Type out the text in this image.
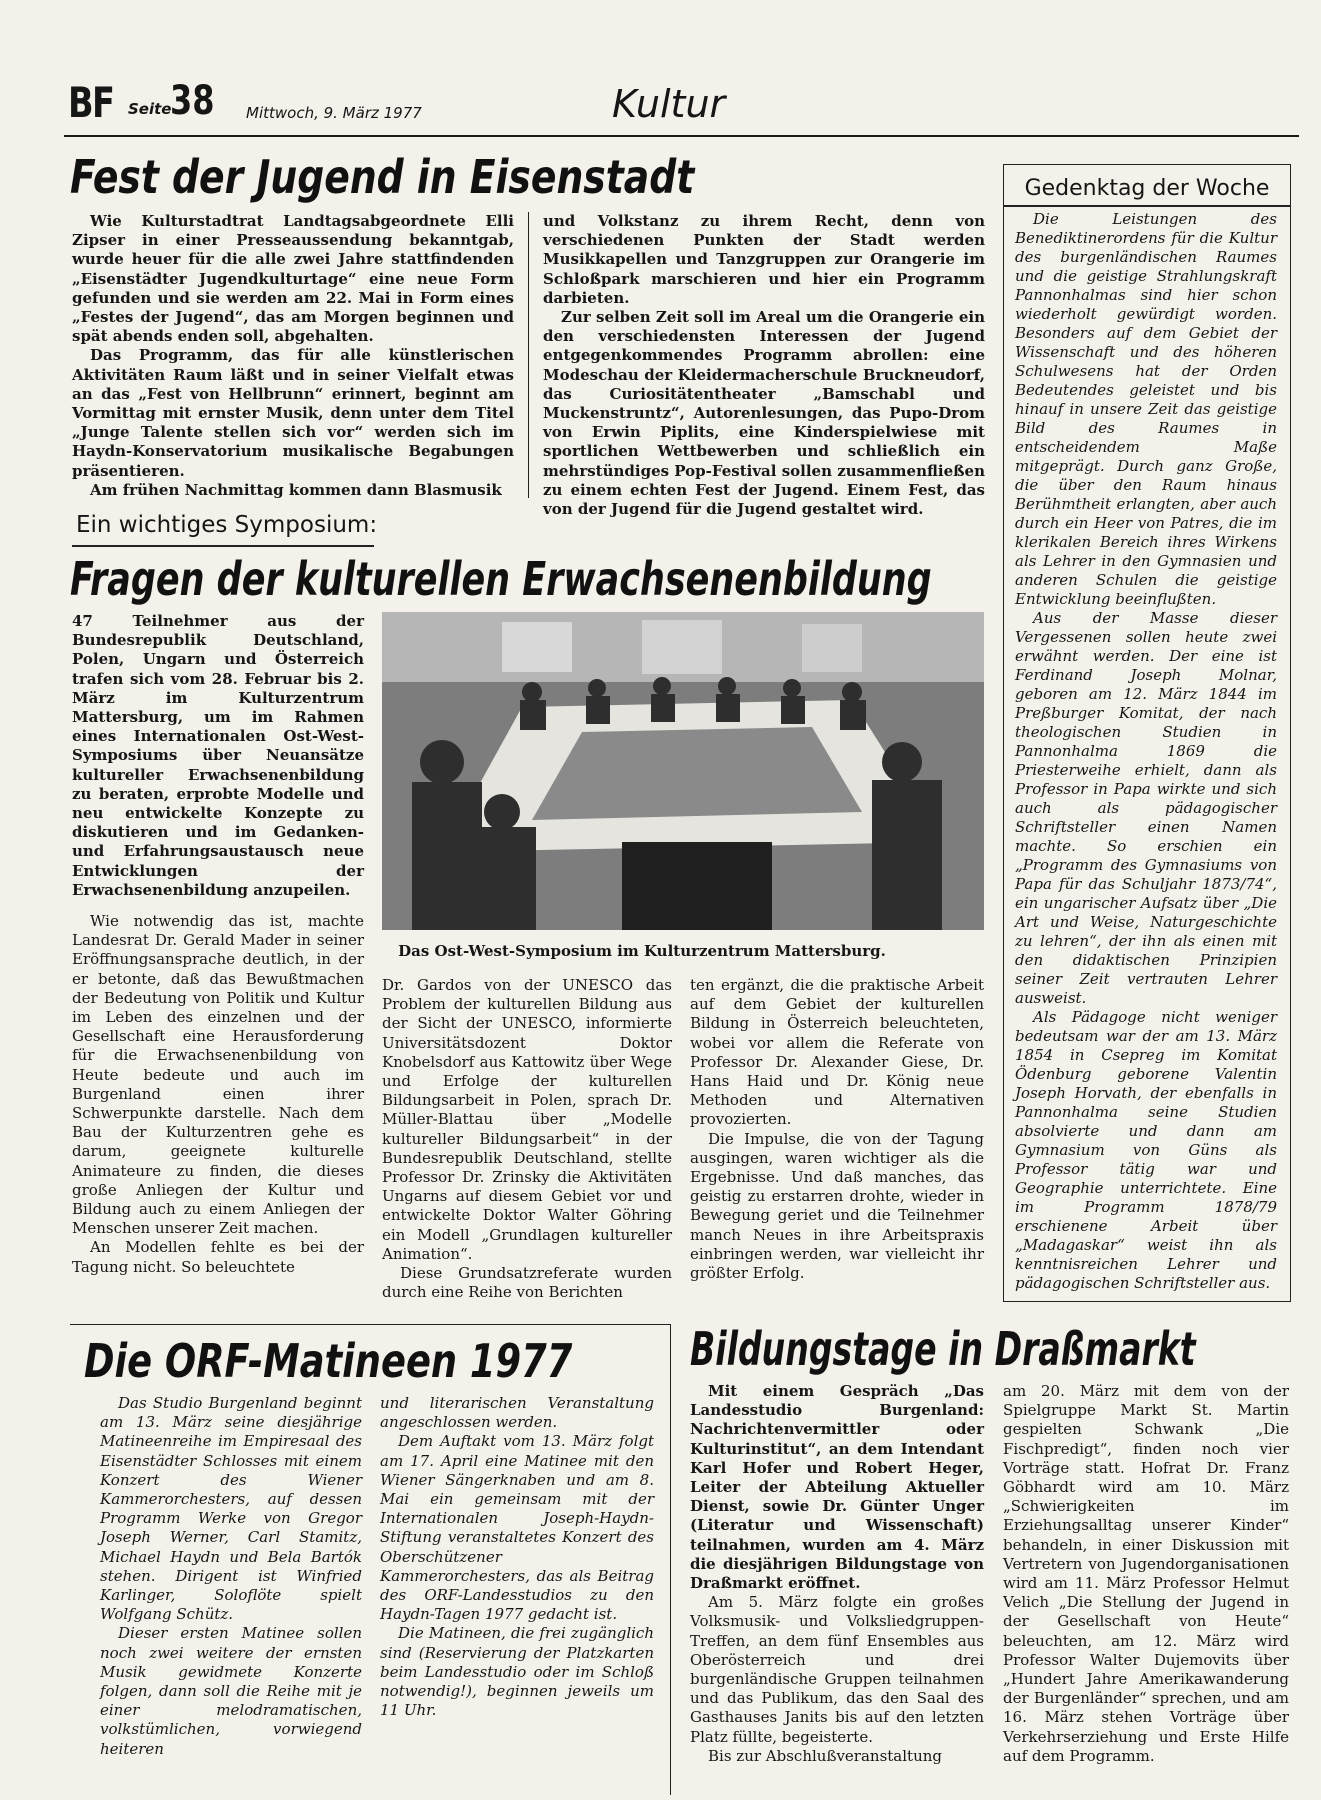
BF Seite
38 Mittwoch, 9. März 1977	Kultur
Fest der Jugend in Eisenstadt

Wie Kulturstadtrat Landtagsabgeordnete Elli Zipser in einer Presseaussendung bekanntgab, wurde heuer für die alle zwei Jahre stattfindenden „Eisenstädter Jugendkulturtage“ eine neue Form gefunden und sie werden am 22. Mai in Form eines „Festes der Jugend“, das am Morgen beginnen und spät abends enden soll, abgehalten.

Das Programm, das für alle künstlerischen Aktivitäten Raum läßt und in seiner Vielfalt etwas an das „Fest von Hellbrunn“ erinnert, beginnt am Vormittag mit ernster Musik, denn unter dem Titel „Junge Talente stellen sich vor“ werden sich im Haydn-Konservatorium musikalische Begabungen präsentieren.

Am frühen Nachmittag kommen dann Blasmusik

und Volkstanz zu ihrem Recht, denn von verschiedenen Punkten der Stadt werden Musikkapellen und Tanzgruppen zur Orangerie im Schloßpark marschieren und hier ein Programm darbieten.

Zur selben Zeit soll im Areal um die Orangerie ein den verschiedensten Interessen der Jugend entgegenkommendes Programm abrollen: eine Modeschau der Kleidermacherschule Bruckneudorf, das Curiositätentheater „Bamschabl und Muckenstruntz“, Autorenlesungen, das Pupo-Drom von Erwin Piplits, eine Kinderspielwiese mit sportlichen Wettbewerben und schließlich ein mehrstündiges Pop-Festival sollen zusammenfließen zu einem echten Fest der Jugend. Einem Fest, das von der Jugend für die Jugend gestaltet wird.

Ein wichtiges Symposium:
Fragen der kulturellen Erwachsenenbildung

47 Teilnehmer aus der Bundesrepublik Deutschland, Polen, Ungarn und Österreich trafen sich vom 28. Februar bis 2. März im Kulturzentrum Mattersburg, um im Rahmen eines Internationalen Ost-West-Symposiums über Neuansätze kultureller Erwachsenenbildung zu beraten, erprobte Modelle und neu entwickelte Konzepte zu diskutieren und im Gedanken- und Erfahrungsaustausch neue Entwicklungen der Erwachsenenbildung anzupeilen.

Das Ost-West-Symposium im Kulturzentrum Mattersburg.

Wie notwendig das ist, machte Landesrat Dr. Gerald Mader in seiner Eröffnungsansprache deutlich, in der er betonte, daß das Bewußtmachen der Bedeutung von Politik und Kultur im Leben des einzelnen und der Gesellschaft eine Herausforderung für die Erwachsenenbildung von Heute bedeute und auch im Burgenland einen ihrer Schwerpunkte darstelle. Nach dem Bau der Kulturzentren gehe es darum, geeignete kulturelle Animateure zu finden, die dieses große Anliegen der Kultur und Bildung auch zu einem Anliegen der Menschen unserer Zeit machen.

An Modellen fehlte es bei der Tagung nicht. So beleuchtete

Dr. Gardos von der UNESCO das Problem der kulturellen Bildung aus der Sicht der UNESCO, informierte Universitätsdozent Doktor Knobelsdorf aus Kattowitz über Wege und Erfolge der kulturellen Bildungsarbeit in Polen, sprach Dr. Müller-Blattau über „Modelle kultureller Bildungsarbeit“ in der Bundesrepublik Deutschland, stellte Professor Dr. Zrinsky die Aktivitäten Ungarns auf diesem Gebiet vor und entwickelte Doktor Walter Göhring ein Modell „Grundlagen kultureller Animation“.

Diese Grundsatzreferate wurden durch eine Reihe von Berichten

ten ergänzt, die die praktische Arbeit auf dem Gebiet der kulturellen Bildung in Österreich beleuchteten, wobei vor allem die Referate von Professor Dr. Alexander Giese, Dr. Hans Haid und Dr. König neue Methoden und Alternativen provozierten.

Die Impulse, die von der Tagung ausgingen, waren wichtiger als die Ergebnisse. Und daß manches, das geistig zu erstarren drohte, wieder in Bewegung geriet und die Teilnehmer manch Neues in ihre Arbeitspraxis einbringen werden, war vielleicht ihr größter Erfolg.

Gedenktag der Woche

Die Leistungen des Benediktinerordens für die Kultur des burgenländischen Raumes und die geistige Strahlungskraft Pannonhalmas sind hier schon wiederholt gewürdigt worden. Besonders auf dem Gebiet der Wissenschaft und des höheren Schulwesens hat der Orden Bedeutendes geleistet und bis hinauf in unsere Zeit das geistige Bild des Raumes in entscheidendem Maße mitgeprägt. Durch ganz Große, die über den Raum hinaus Berühmtheit erlangten, aber auch durch ein Heer von Patres, die im klerikalen Bereich ihres Wirkens als Lehrer in den Gymnasien und anderen Schulen die geistige Entwicklung beeinflußten.

Aus der Masse dieser Vergessenen sollen heute zwei erwähnt werden. Der eine ist Ferdinand Joseph Molnar, geboren am 12. März 1844 im Preßburger Komitat, der nach theologischen Studien in Pannonhalma 1869 die Priesterweihe erhielt, dann als Professor in Papa wirkte und sich auch als pädagogischer Schriftsteller einen Namen machte. So erschien ein „Programm des Gymnasiums von Papa für das Schuljahr 1873/74“, ein ungarischer Aufsatz über „Die Art und Weise, Naturgeschichte zu lehren“, der ihn als einen mit den didaktischen Prinzipien seiner Zeit vertrauten Lehrer ausweist.

Als Pädagoge nicht weniger bedeutsam war der am 13. März 1854 in Csepreg im Komitat Ödenburg geborene Valentin Joseph Horvath, der ebenfalls in Pannonhalma seine Studien absolvierte und dann am Gymnasium von Güns als Professor tätig war und Geographie unterrichtete. Eine im Programm 1878/79 erschienene Arbeit über „Madagaskar“ weist ihn als kenntnisreichen Lehrer und pädagogischen Schriftsteller aus.

Die ORF-Matineen 1977

Das Studio Burgenland beginnt am 13. März seine diesjährige Matineenreihe im Empiresaal des Eisenstädter Schlosses mit einem Konzert des Wiener Kammerorchesters, auf dessen Programm Werke von Gregor Joseph Werner, Carl Stamitz, Michael Haydn und Bela Bartók stehen. Dirigent ist Winfried Karlinger, Soloflöte spielt Wolfgang Schütz.

Dieser ersten Matinee sollen noch zwei weitere der ernsten Musik gewidmete Konzerte folgen, dann soll die Reihe mit je einer melodramatischen, volkstümlichen, vorwiegend heiteren

und literarischen Veranstaltung angeschlossen werden.

Dem Auftakt vom 13. März folgt am 17. April eine Matinee mit den Wiener Sängerknaben und am 8. Mai ein gemeinsam mit der Internationalen Joseph-Haydn-Stiftung veranstaltetes Konzert des Oberschützener Kammerorchesters, das als Beitrag des ORF-Landesstudios zu den Haydn-Tagen 1977 gedacht ist.

Die Matineen, die frei zugänglich sind (Reservierung der Platzkarten beim Landesstudio oder im Schloß notwendig!), beginnen jeweils um 11 Uhr.

Bildungstage in Draßmarkt

Mit einem Gespräch „Das Landesstudio Burgenland: Nachrichtenvermittler oder Kulturinstitut“, an dem Intendant Karl Hofer und Robert Heger, Leiter der Abteilung Aktueller Dienst, sowie Dr. Günter Unger (Literatur und Wissenschaft) teilnahmen, wurden am 4. März die diesjährigen Bildungstage von Draßmarkt eröffnet.

Am 5. März folgte ein großes Volksmusik- und Volksliedgruppen-Treffen, an dem fünf Ensembles aus Oberösterreich und drei burgenländische Gruppen teilnahmen und das Publikum, das den Saal des Gasthauses Janits bis auf den letzten Platz füllte, begeisterte.

Bis zur Abschlußveranstaltung

am 20. März mit dem von der Spielgruppe Markt St. Martin gespielten Schwank „Die Fischpredigt“, finden noch vier Vorträge statt. Hofrat Dr. Franz Göbhardt wird am 10. März „Schwierigkeiten im Erziehungsalltag unserer Kinder“ behandeln, in einer Diskussion mit Vertretern von Jugendorganisationen wird am 11. März Professor Helmut Velich „Die Stellung der Jugend in der Gesellschaft von Heute“ beleuchten, am 12. März wird Professor Walter Dujemovits über „Hundert Jahre Amerikawanderung der Burgenländer“ sprechen, und am 16. März stehen Vorträge über Verkehrserziehung und Erste Hilfe auf dem Programm.
